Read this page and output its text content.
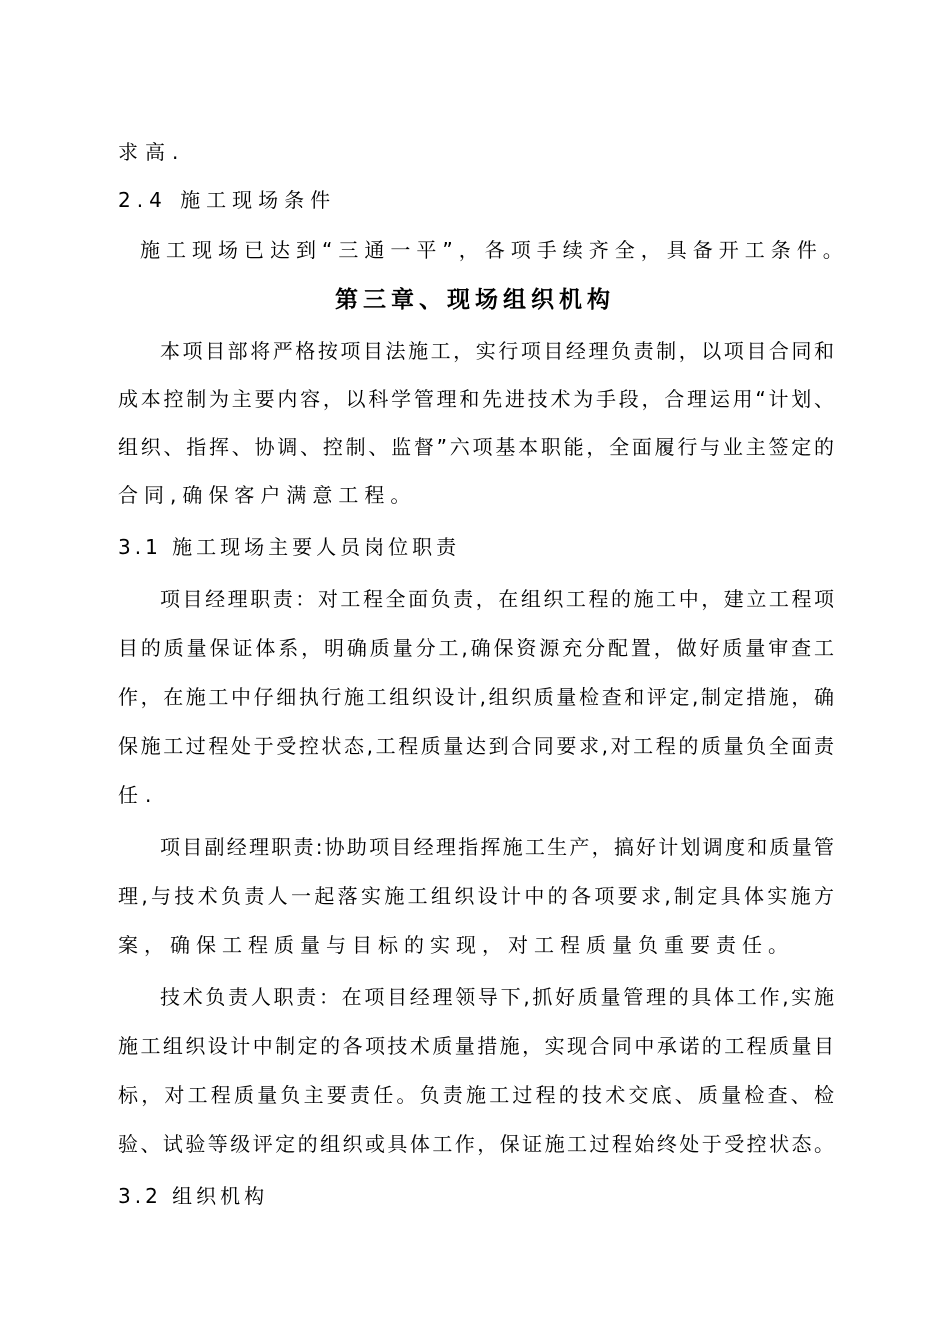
求高.
2.4 施工现场条件
施工现场已达到“三通一平”，各项手续齐全，具备开工条件。
第三章、现场组织机构
本项目部将严格按项目法施工，实行项目经理负责制，以项目合同和
成本控制为主要内容，以科学管理和先进技术为手段，合理运用“计划、
组织、指挥、协调、控制、监督”六项基本职能，全面履行与业主签定的
合同,确保客户满意工程。
3.1 施工现场主要人员岗位职责
项目经理职责：对工程全面负责，在组织工程的施工中，建立工程项
目的质量保证体系，明确质量分工,确保资源充分配置，做好质量审查工
作，在施工中仔细执行施工组织设计,组织质量检查和评定,制定措施，确
保施工过程处于受控状态,工程质量达到合同要求,对工程的质量负全面责
任.
项目副经理职责:协助项目经理指挥施工生产，搞好计划调度和质量管
理,与技术负责人一起落实施工组织设计中的各项要求,制定具体实施方
案，确保工程质量与目标的实现，对工程质量负重要责任。
技术负责人职责：在项目经理领导下,抓好质量管理的具体工作,实施
施工组织设计中制定的各项技术质量措施，实现合同中承诺的工程质量目
标，对工程质量负主要责任。负责施工过程的技术交底、质量检查、检
验、试验等级评定的组织或具体工作，保证施工过程始终处于受控状态。
3.2 组织机构
